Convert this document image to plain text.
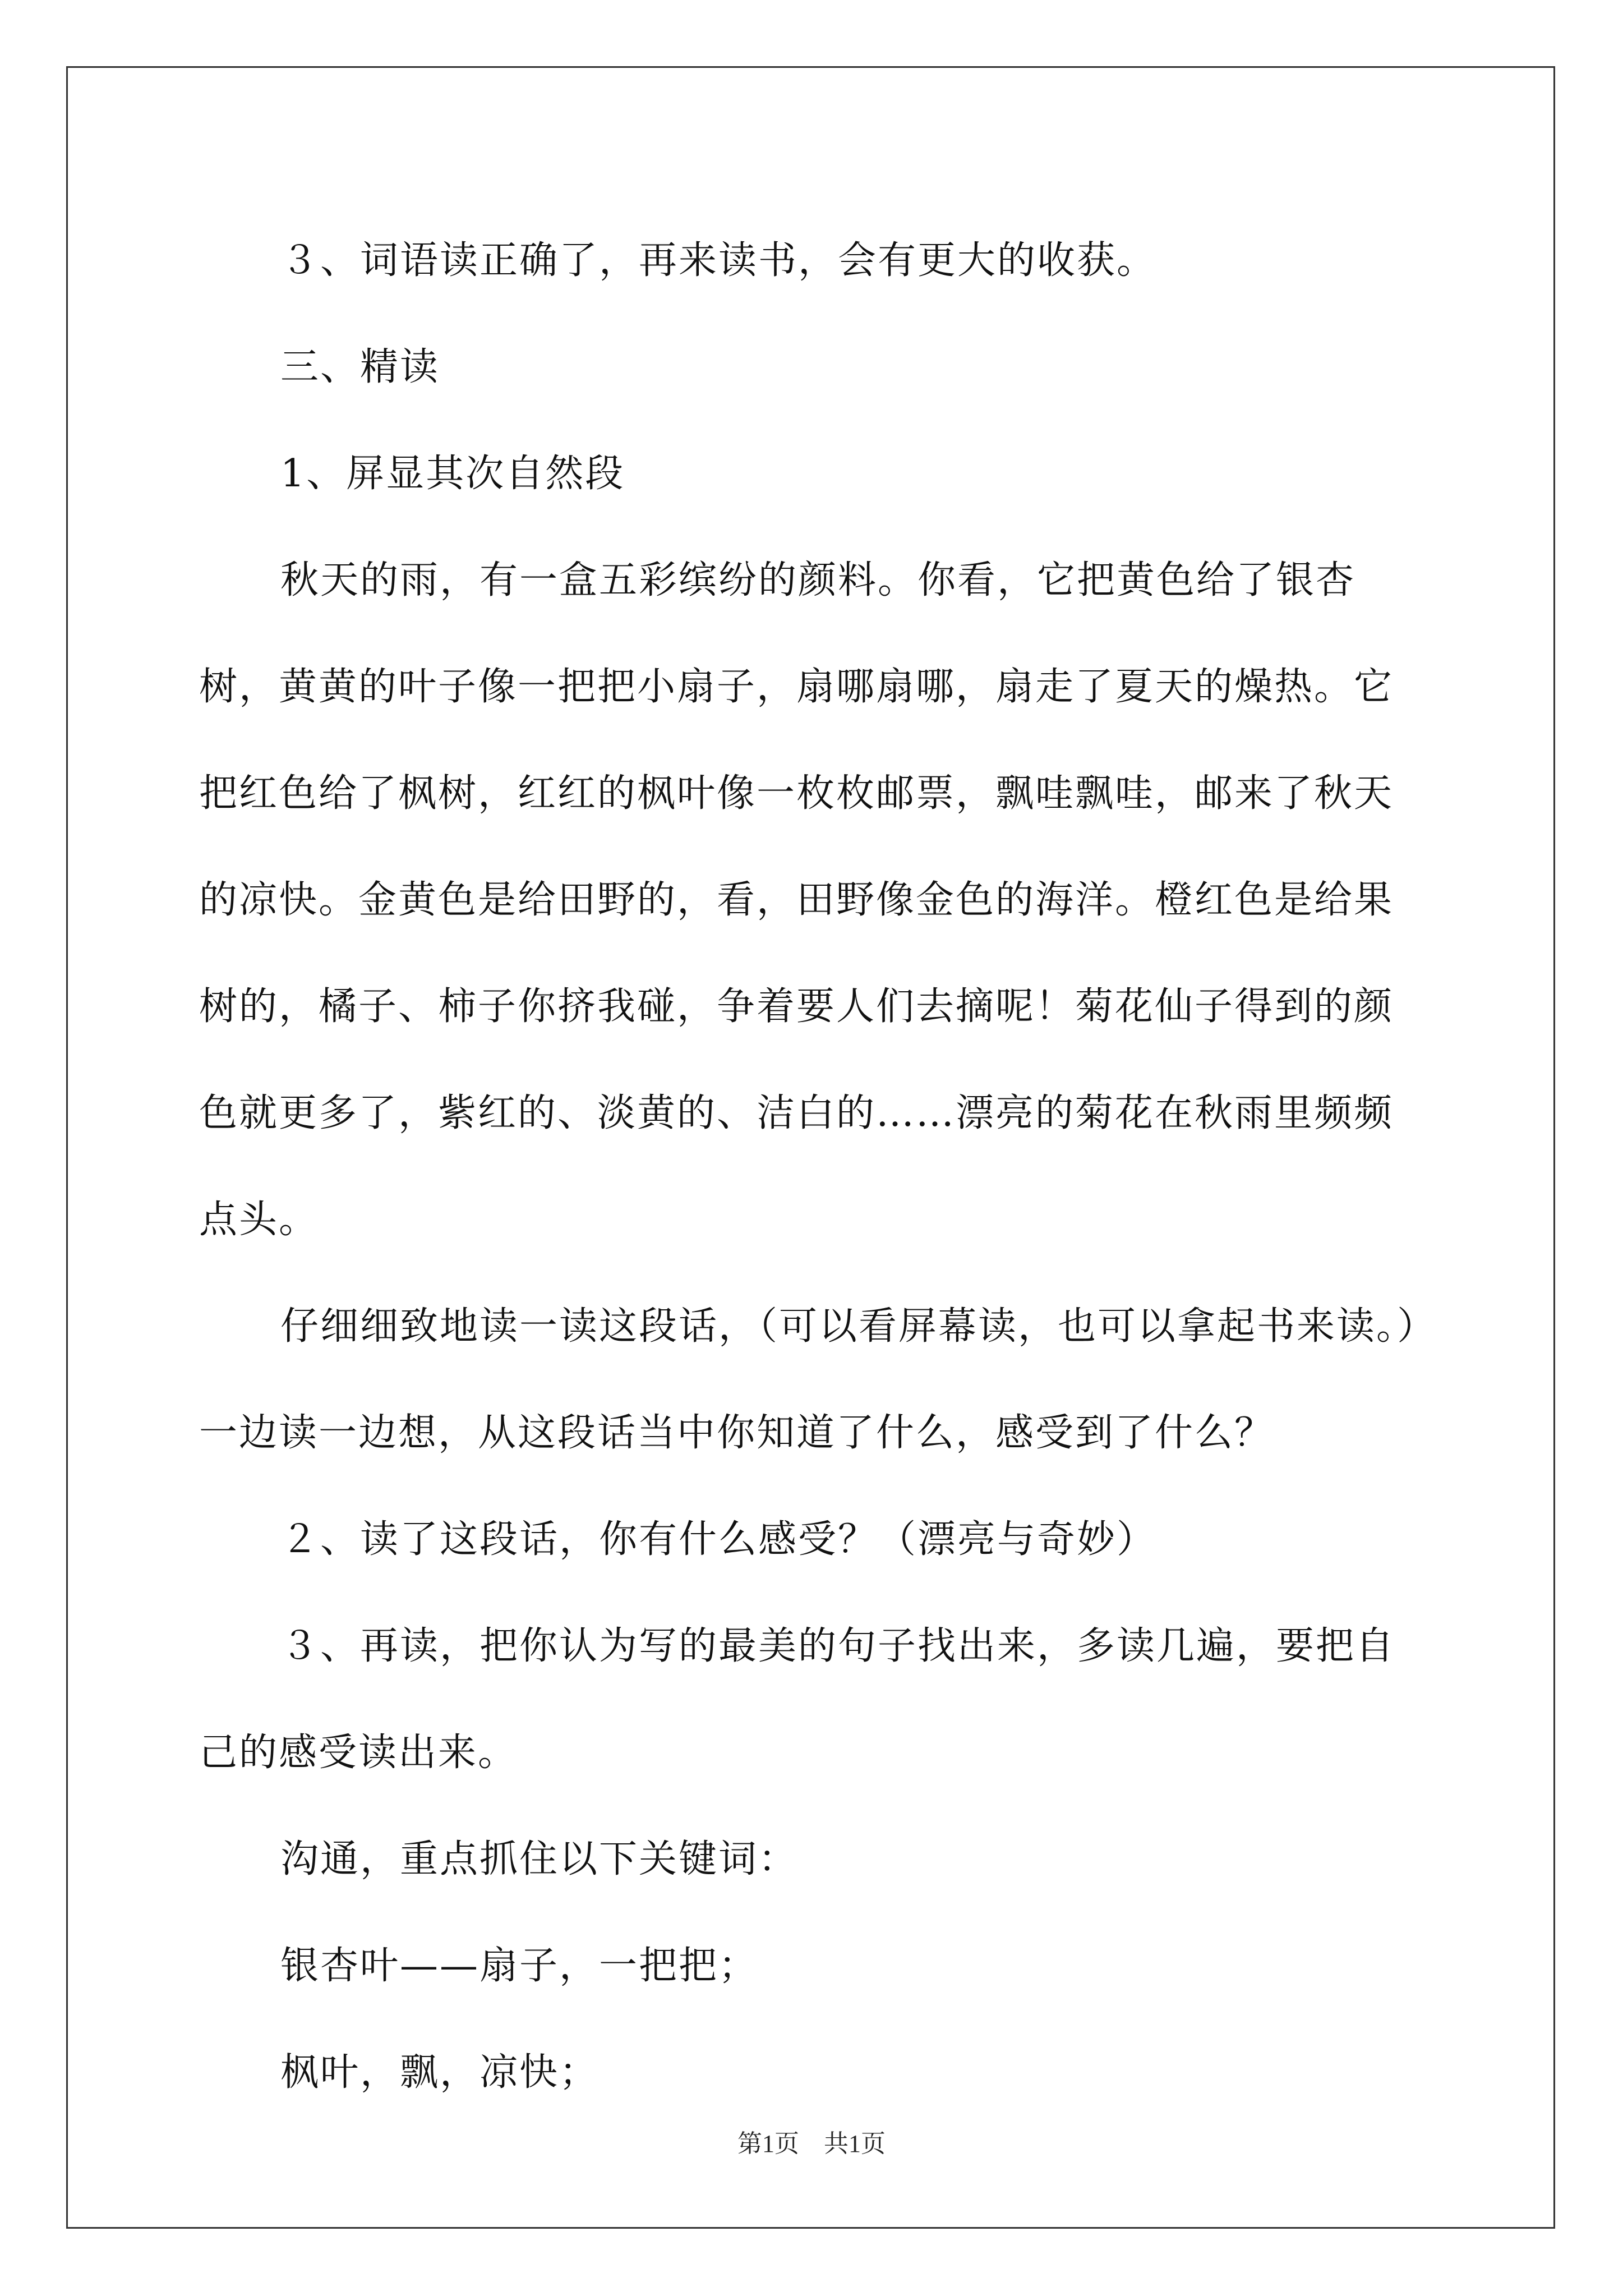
３、词语读正确了，再来读书，会有更大的收获。

三、精读

1、屏显其次自然段

秋天的雨，有一盒五彩缤纷的颜料。你看，它把黄色给了银杏树，黄黄的叶子像一把把小扇子，扇哪扇哪，扇走了夏天的燥热。它把红色给了枫树，红红的枫叶像一枚枚邮票，飘哇飘哇，邮来了秋天的凉快。金黄色是给田野的，看，田野像金色的海洋。橙红色是给果树的，橘子、柿子你挤我碰，争着要人们去摘呢！菊花仙子得到的颜色就更多了，紫红的、淡黄的、洁白的……漂亮的菊花在秋雨里频频点头。

仔细细致地读一读这段话，（可以看屏幕读，也可以拿起书来读。）一边读一边想，从这段话当中你知道了什么，感受到了什么？

２、读了这段话，你有什么感受？（漂亮与奇妙）

３、再读，把你认为写的最美的句子找出来，多读几遍，要把自己的感受读出来。

沟通，重点抓住以下关键词：

银杏叶——扇子，一把把；

枫叶，飘，凉快；

第1页　共1页
